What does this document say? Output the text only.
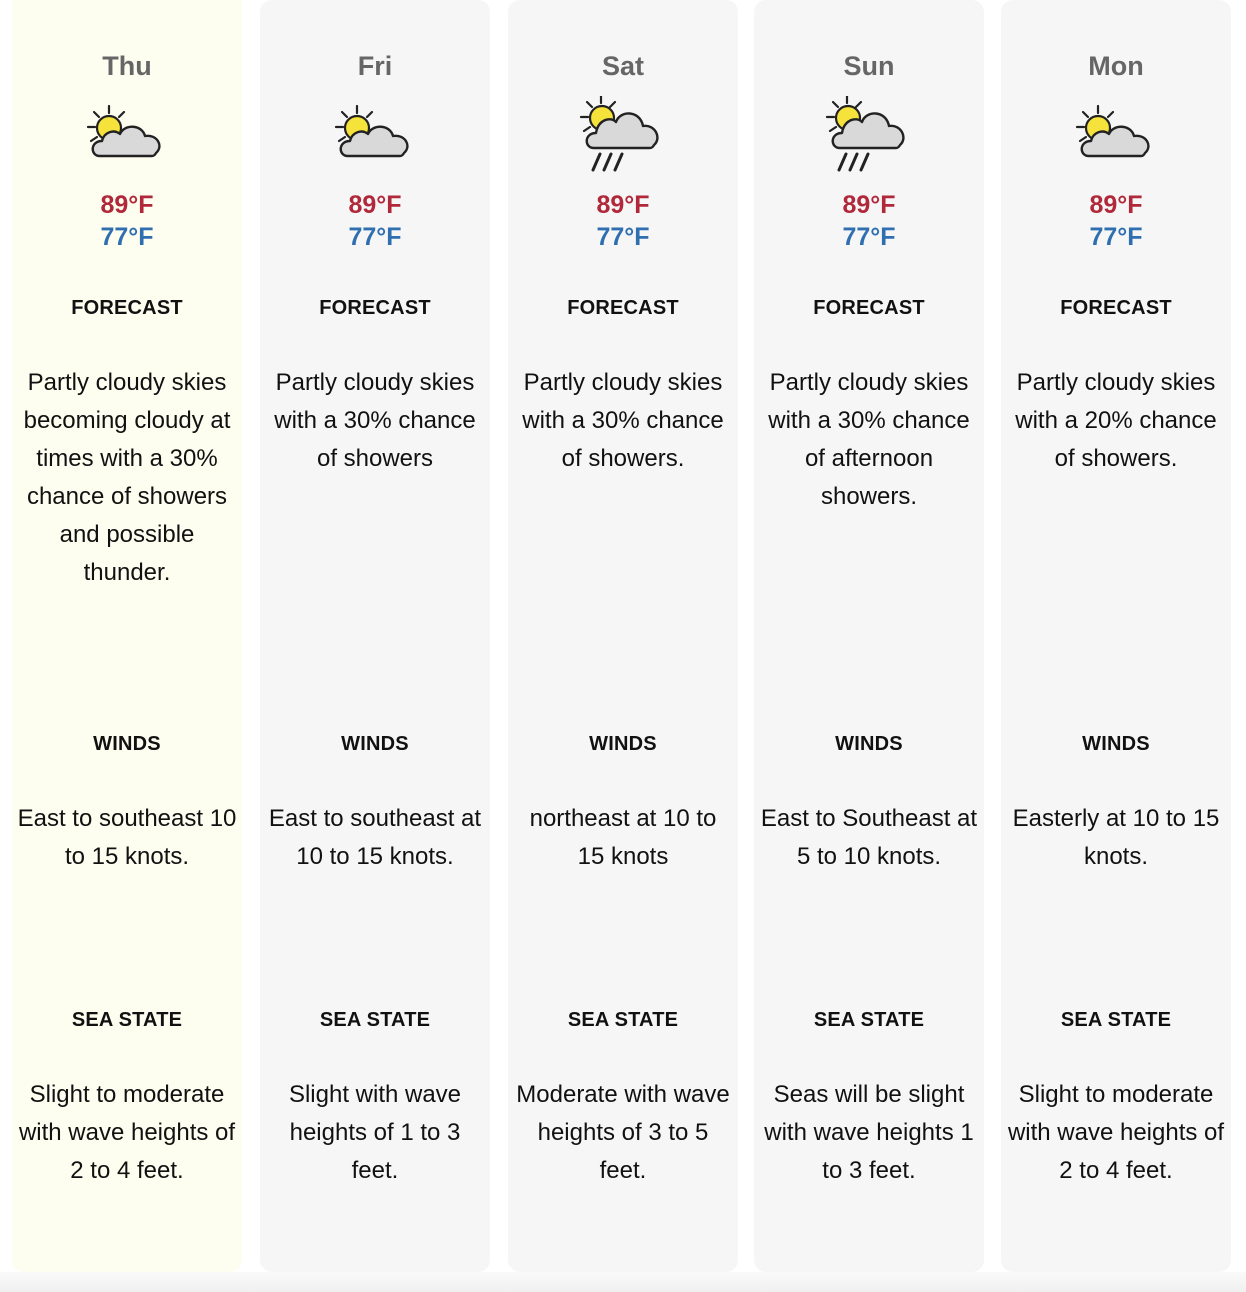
Thu
89°F
77°F
FORECAST
Partly cloudy skies becoming cloudy at times with a 30% chance of showers and possible thunder.
WINDS
East to southeast 10 to 15 knots.
SEA STATE
Slight to moderate with wave heights of 2 to 4 feet.
Fri
89°F
77°F
FORECAST
Partly cloudy skies with a 30% chance of showers
WINDS
East to southeast at 10 to 15 knots.
SEA STATE
Slight with wave heights of 1 to 3 feet.
Sat
89°F
77°F
FORECAST
Partly cloudy skies with a 30% chance of showers.
WINDS
northeast at 10 to 15 knots
SEA STATE
Moderate with wave heights of 3 to 5 feet.
Sun
89°F
77°F
FORECAST
Partly cloudy skies with a 30% chance of afternoon showers.
WINDS
East to Southeast at 5 to 10 knots.
SEA STATE
Seas will be slight with wave heights 1 to 3 feet.
Mon
89°F
77°F
FORECAST
Partly cloudy skies with a 20% chance of showers.
WINDS
Easterly at 10 to 15 knots.
SEA STATE
Slight to moderate with wave heights of 2 to 4 feet.
